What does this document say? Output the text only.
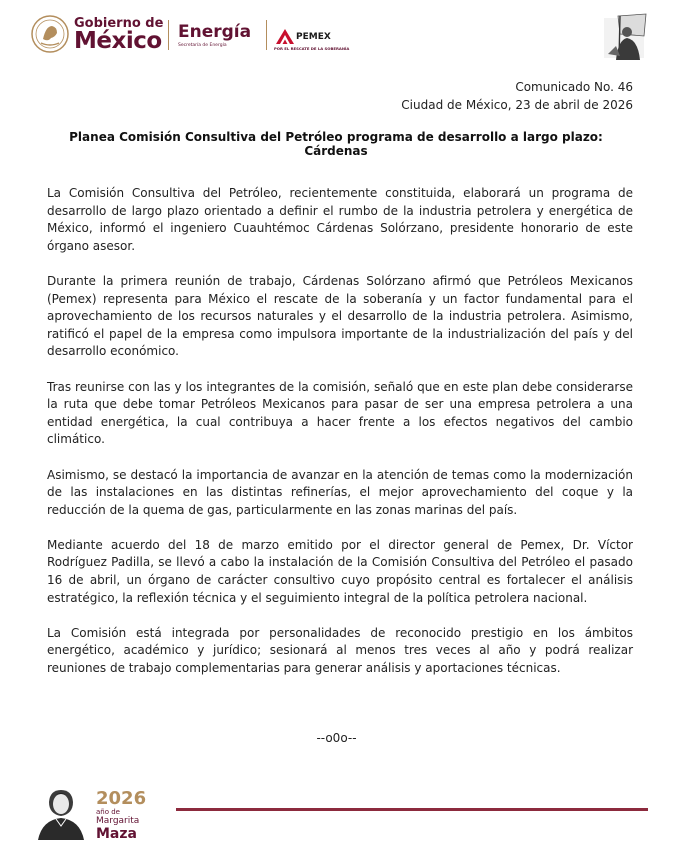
Gobierno de
México Energía
Secretaría de Energía
PEMEX
POR EL RESCATE DE LA SOBERANÍA
Comunicado No. 46
Ciudad de México, 23 de abril de 2026
Planea Comisión Consultiva del Petróleo programa de desarrollo a largo plazo: Cárdenas

La Comisión Consultiva del Petróleo, recientemente constituida, elaborará un programa de desarrollo de largo plazo orientado a definir el rumbo de la industria petrolera y energética de México, informó el ingeniero Cuauhtémoc Cárdenas Solórzano, presidente honorario de este órgano asesor.

Durante la primera reunión de trabajo, Cárdenas Solórzano afirmó que Petróleos Mexicanos (Pemex) representa para México el rescate de la soberanía y un factor fundamental para el aprovechamiento de los recursos naturales y el desarrollo de la industria petrolera. Asimismo, ratificó el papel de la empresa como impulsora importante de la industrialización del país y del desarrollo económico.

Tras reunirse con las y los integrantes de la comisión, señaló que en este plan debe considerarse la ruta que debe tomar Petróleos Mexicanos para pasar de ser una empresa petrolera a una entidad energética, la cual contribuya a hacer frente a los efectos negativos del cambio climático.

Asimismo, se destacó la importancia de avanzar en la atención de temas como la modernización de las instalaciones en las distintas refinerías, el mejor aprovechamiento del coque y la reducción de la quema de gas, particularmente en las zonas marinas del país.

Mediante acuerdo del 18 de marzo emitido por el director general de Pemex, Dr. Víctor Rodríguez Padilla, se llevó a cabo la instalación de la Comisión Consultiva del Petróleo el pasado 16 de abril, un órgano de carácter consultivo cuyo propósito central es fortalecer el análisis estratégico, la reflexión técnica y el seguimiento integral de la política petrolera nacional.

La Comisión está integrada por personalidades de reconocido prestigio en los ámbitos energético, académico y jurídico; sesionará al menos tres veces al año y podrá realizar reuniones de trabajo complementarias para generar análisis y aportaciones técnicas.

--o0o--
2026
año de
Margarita
Maza
